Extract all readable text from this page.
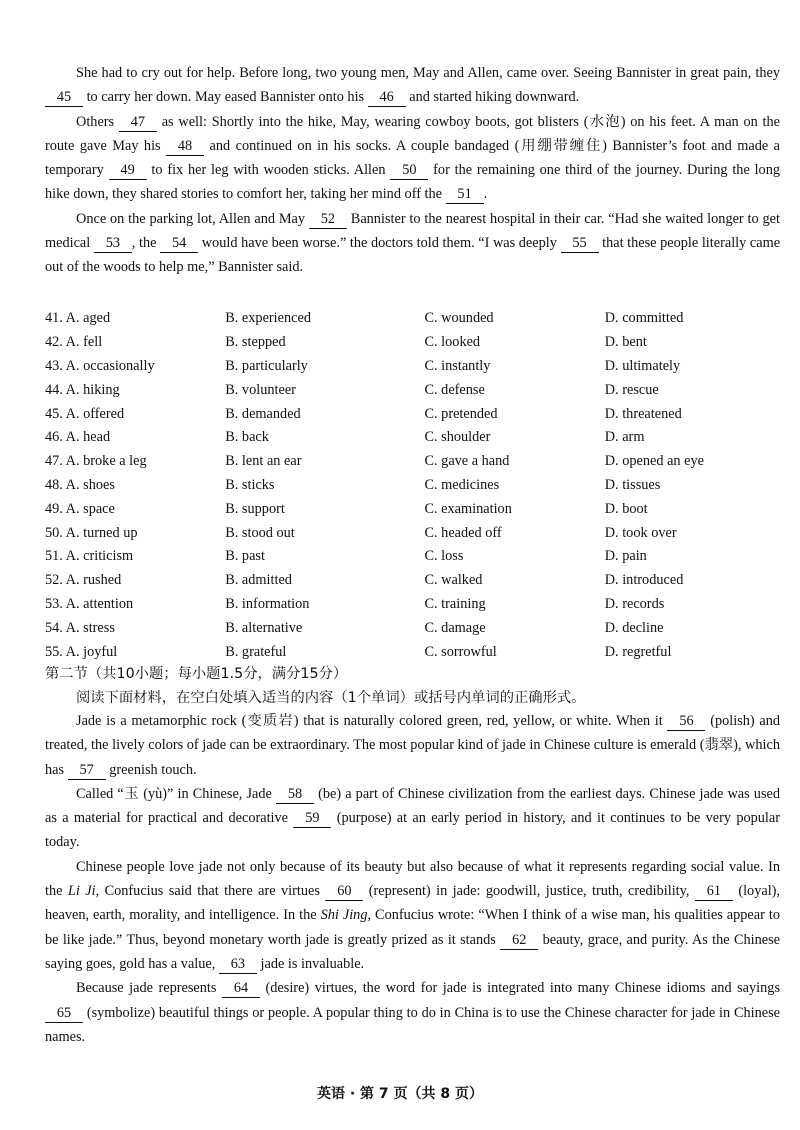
She had to cry out for help. Before long, two young men, May and Allen, came over. Seeing Bannister in great pain, they 45 to carry her down. May eased Bannister onto his 46 and started hiking downward.

Others 47 as well: Shortly into the hike, May, wearing cowboy boots, got blisters (水泡) on his feet. A man on the route gave May his 48 and continued on in his socks. A couple bandaged (用绷带缠住) Bannister’s foot and made a temporary 49 to fix her leg with wooden sticks. Allen 50 for the remaining one third of the journey. During the long hike down, they shared stories to comfort her, taking her mind off the 51 .

Once on the parking lot, Allen and May 52 Bannister to the nearest hospital in their car. “Had she waited longer to get medical 53 , the 54 would have been worse.” the doctors told them. “I was deeply 55 that these people literally came out of the woods to help me,” Bannister said.

41. A. aged	B. experienced	C. wounded	D. committed
42. A. fell	B. stepped	C. looked	D. bent
43. A. occasionally	B. particularly	C. instantly	D. ultimately
44. A. hiking	B. volunteer	C. defense	D. rescue
45. A. offered	B. demanded	C. pretended	D. threatened
46. A. head	B. back	C. shoulder	D. arm
47. A. broke a leg	B. lent an ear	C. gave a hand	D. opened an eye
48. A. shoes	B. sticks	C. medicines	D. tissues
49. A. space	B. support	C. examination	D. boot
50. A. turned up	B. stood out	C. headed off	D. took over
51. A. criticism	B. past	C. loss	D. pain
52. A. rushed	B. admitted	C. walked	D. introduced
53. A. attention	B. information	C. training	D. records
54. A. stress	B. alternative	C. damage	D. decline
55. A. joyful	B. grateful	C. sorrowful	D. regretful
第二节（共10小题；每小题1.5分，满分15分）
阅读下面材料，在空白处填入适当的内容（1个单词）或括号内单词的正确形式。

Jade is a metamorphic rock (变质岩) that is naturally colored green, red, yellow, or white. When it 56 (polish) and treated, the lively colors of jade can be extraordinary. The most popular kind of jade in Chinese culture is emerald (翡翠), which has 57 greenish touch.

Called “玉 (yù)” in Chinese, Jade 58 (be) a part of Chinese civilization from the earliest days. Chinese jade was used as a material for practical and decorative 59 (purpose) at an early period in history, and it continues to be very popular today.

Chinese people love jade not only because of its beauty but also because of what it represents regarding social value. In the Li Ji, Confucius said that there are virtues 60 (represent) in jade: goodwill, justice, truth, credibility, 61 (loyal), heaven, earth, morality, and intelligence. In the Shi Jing, Confucius wrote: “When I think of a wise man, his qualities appear to be like jade.” Thus, beyond monetary worth jade is greatly prized as it stands 62 beauty, grace, and purity. As the Chinese saying goes, gold has a value, 63 jade is invaluable.

Because jade represents 64 (desire) virtues, the word for jade is integrated into many Chinese idioms and sayings 65 (symbolize) beautiful things or people. A popular thing to do in China is to use the Chinese character for jade in Chinese names.

英语 · 第 7 页（共 8 页）
